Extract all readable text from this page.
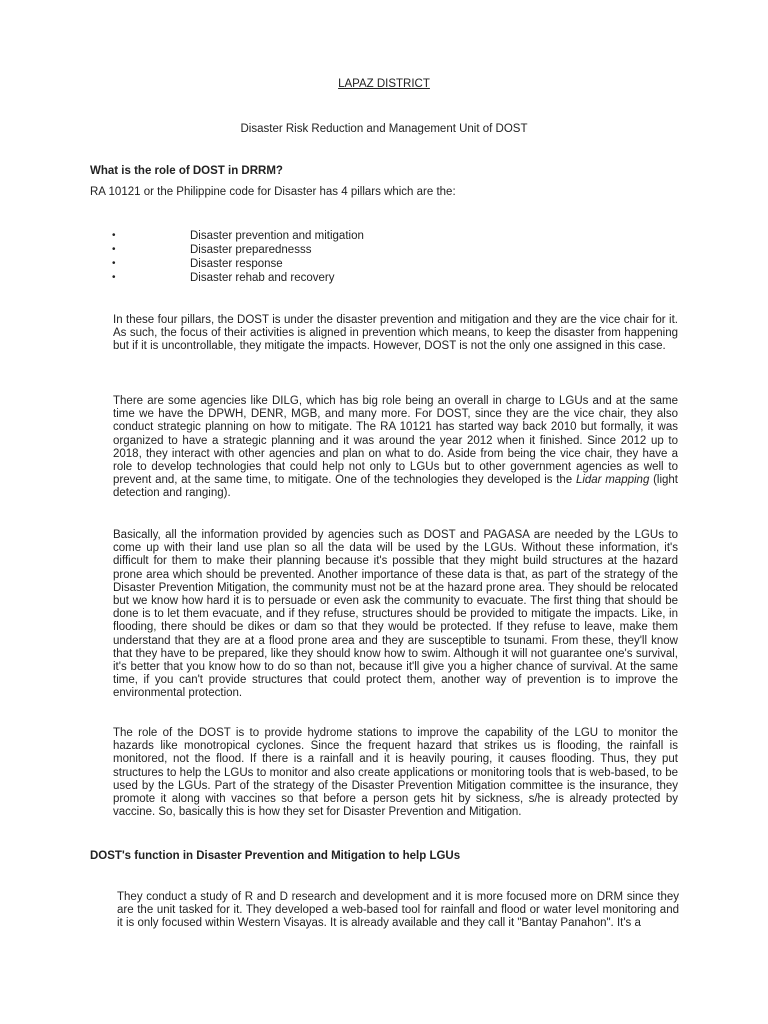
LAPAZ DISTRICT
Disaster Risk Reduction and Management Unit of DOST
What is the role of DOST in DRRM?
RA 10121 or the Philippine code for Disaster has 4 pillars which are the:
•	Disaster prevention and mitigation
•	Disaster preparednesss
•	Disaster response
•	Disaster rehab and recovery
In these four pillars, the DOST is under the disaster prevention and mitigation and they are the vice chair for it. As such, the focus of their activities is aligned in prevention which means, to keep the disaster from happening but if it is uncontrollable, they mitigate the impacts. However, DOST is not the only one assigned in this case.
There are some agencies like DILG, which has big role being an overall in charge to LGUs and at the same time we have the DPWH, DENR, MGB, and many more. For DOST, since they are the vice chair, they also conduct strategic planning on how to mitigate. The RA 10121 has started way back 2010 but formally, it was organized to have a strategic planning and it was around the year 2012 when it finished. Since 2012 up to 2018, they interact with other agencies and plan on what to do. Aside from being the vice chair, they have a role to develop technologies that could help not only to LGUs but to other government agencies as well to prevent and, at the same time, to mitigate. One of the technologies they developed is the Lidar mapping (light detection and ranging).
Basically, all the information provided by agencies such as DOST and PAGASA are needed by the LGUs to come up with their land use plan so all the data will be used by the LGUs. Without these information, it's difficult for them to make their planning because it's possible that they might build structures at the hazard prone area which should be prevented. Another importance of these data is that, as part of the strategy of the Disaster Prevention Mitigation, the community must not be at the hazard prone area. They should be relocated but we know how hard it is to persuade or even ask the community to evacuate. The first thing that should be done is to let them evacuate, and if they refuse, structures should be provided to mitigate the impacts. Like, in flooding, there should be dikes or dam so that they would be protected. If they refuse to leave, make them understand that they are at a flood prone area and they are susceptible to tsunami. From these, they'll know that they have to be prepared, like they should know how to swim. Although it will not guarantee one's survival, it's better that you know how to do so than not, because it'll give you a higher chance of survival. At the same time, if you can't provide structures that could protect them, another way of prevention is to improve the environmental protection.
The role of the DOST is to provide hydrome stations to improve the capability of the LGU to monitor the hazards like monotropical cyclones. Since the frequent hazard that strikes us is flooding, the rainfall is monitored, not the flood. If there is a rainfall and it is heavily pouring, it causes flooding. Thus, they put structures to help the LGUs to monitor and also create applications or monitoring tools that is web-based, to be used by the LGUs. Part of the strategy of the Disaster Prevention Mitigation committee is the insurance, they promote it along with vaccines so that before a person gets hit by sickness, s/he is already protected by vaccine. So, basically this is how they set for Disaster Prevention and Mitigation.
DOST's function in Disaster Prevention and Mitigation to help LGUs
They conduct a study of R and D research and development and it is more focused more on DRM since they are the unit tasked for it. They developed a web-based tool for rainfall and flood or water level monitoring and it is only focused within Western Visayas. It is already available and they call it "Bantay Panahon". It's a
